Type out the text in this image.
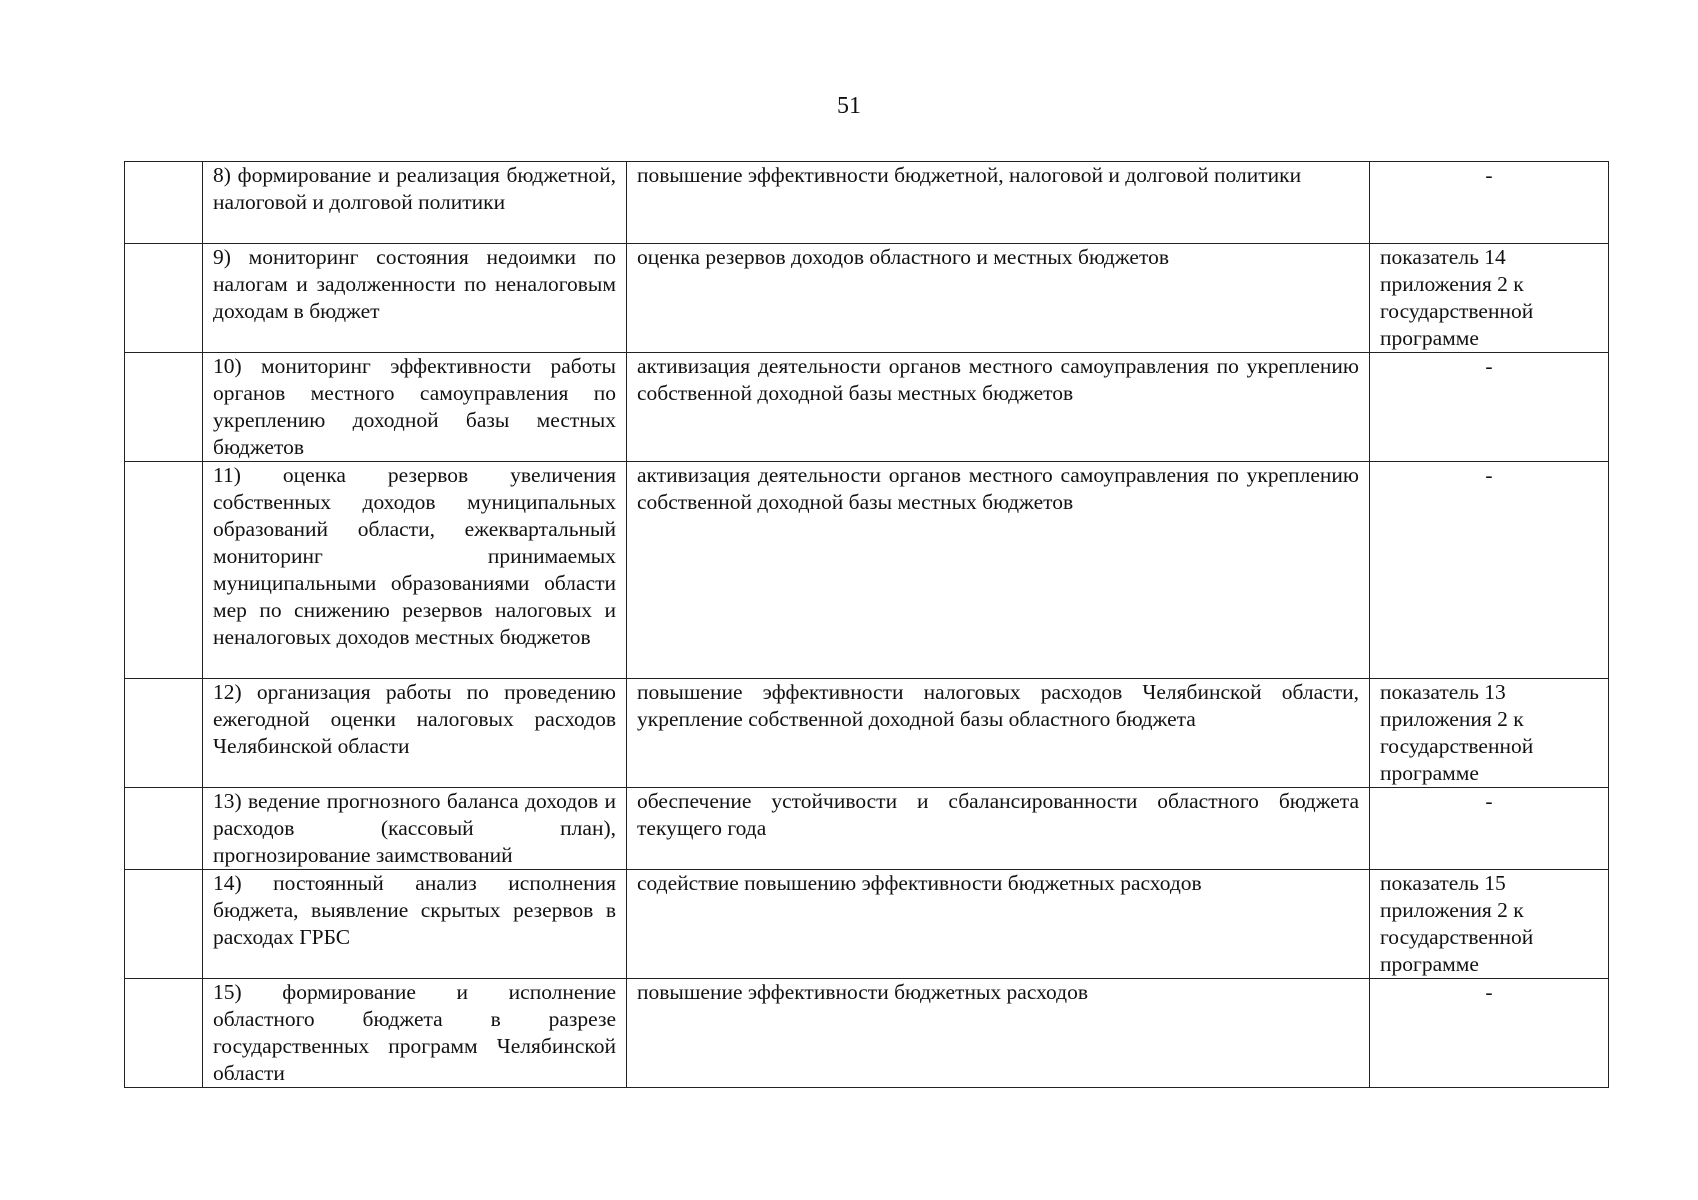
51
	8) формирование и реализация бюджетной, налоговой и долговой политики	повышение эффективности бюджетной, налоговой и долговой политики	-
	9) мониторинг состояния недоимки по налогам и задолженности по неналоговым доходам в бюджет	оценка резервов доходов областного и местных бюджетов	показатель 14 приложения 2 к государственной программе
	10) мониторинг эффективности работы органов местного самоуправления по укреплению доходной базы местных бюджетов	активизация деятельности органов местного самоуправления по укреплению собственной доходной базы местных бюджетов	-
	11) оценка резервов увеличения собственных доходов муниципальных образований области, ежеквартальный мониторинг принимаемых муниципальными образованиями области мер по снижению резервов налоговых и неналоговых доходов местных бюджетов	активизация деятельности органов местного самоуправления по укреплению собственной доходной базы местных бюджетов	-
	12) организация работы по проведению ежегодной оценки налоговых расходов Челябинской области	повышение эффективности налоговых расходов Челябинской области, укрепление собственной доходной базы областного бюджета	показатель 13 приложения 2 к государственной программе
	13) ведение прогнозного баланса доходов и расходов (кассовый план), прогнозирование заимствований	обеспечение устойчивости и сбалансированности областного бюджета текущего года	-
	14) постоянный анализ исполнения бюджета, выявление скрытых резервов в расходах ГРБС	содействие повышению эффективности бюджетных расходов	показатель 15 приложения 2 к государственной программе
	15) формирование и исполнение областного бюджета в разрезе государственных программ Челябинской области	повышение эффективности бюджетных расходов	-
